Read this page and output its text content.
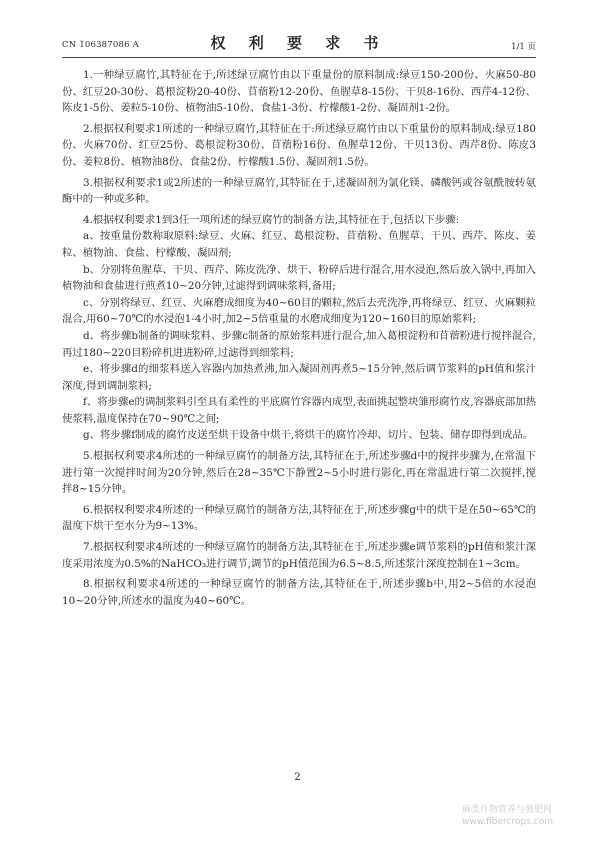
CN 106387086 A	权 利 要 求 书	1/1 页

1.一种绿豆腐竹,其特征在于,所述绿豆腐竹由以下重量份的原料制成:绿豆150-200份、火麻50-80份、红豆20-30份、葛根淀粉20-40份、苜蓿粉12-20份、鱼腥草8-15份、干贝8-16份、西芹4-12份、陈皮1-5份、姜粒5-10份、植物油5-10份、食盐1-3份、柠檬酸1-2份、凝固剂1-2份。

2.根据权利要求1所述的一种绿豆腐竹,其特征在于:所述绿豆腐竹由以下重量份的原料制成:绿豆180份、火麻70份、红豆25份、葛根淀粉30份、苜蓿粉16份、鱼腥草12份、干贝13份、西芹8份、陈皮3份、姜粒8份、植物油8份、食盐2份、柠檬酸1.5份、凝固剂1.5份。

3.根据权利要求1或2所述的一种绿豆腐竹,其特征在于,述凝固剂为氯化镁、磷酸钙或谷氨酰胺转氨酶中的一种或多种。

4.根据权利要求1到3任一项所述的绿豆腐竹的制备方法,其特征在于,包括以下步骤:

a、按重量份数称取原料:绿豆、火麻、红豆、葛根淀粉、苜蓿粉、鱼腥草、干贝、西芹、陈皮、姜粒、植物油、食盐、柠檬酸、凝固剂;

b、分别将鱼腥草、干贝、西芹、陈皮洗净、烘干、粉碎后进行混合,用水浸泡,然后放入锅中,再加入植物油和食盐进行煎煮10~20分钟,过滤得到调味浆料,备用;

c、分别将绿豆、红豆、火麻磨成细度为40~60目的颗粒,然后去壳洗净,再将绿豆、红豆、火麻颗粒混合,用60~70℃的水浸泡1-4小时,加2~5倍重量的水磨成细度为120~160目的原始浆料;

d、将步骤b制备的调味浆料、步骤c制备的原始浆料进行混合,加入葛根淀粉和苜蓿粉进行搅拌混合,再过180~220目粉碎机进进粉碎,过滤得到细浆料;

e、将步骤d的细浆料送入容器内加热煮沸,加入凝固剂再煮5~15分钟,然后调节浆料的pH值和浆汁深度,得到调制浆料;

f、将步骤e的调制浆料引至具有柔性的平底腐竹容器内成型,表面挑起整块雏形腐竹皮,容器底部加热使浆料,温度保持在70~90℃之间;

g、将步骤f制成的腐竹皮送至烘干设备中烘干,将烘干的腐竹冷却、切片、包装、储存即得到成品。

5.根据权利要求4所述的一种绿豆腐竹的制备方法,其特征在于,所述步骤d中的搅拌步骤为,在常温下进行第一次搅拌时间为20分钟,然后在28~35℃下静置2~5小时进行影化,再在常温进行第二次搅拌,搅拌8~15分钟。

6.根据权利要求4所述的一种绿豆腐竹的制备方法,其特征在于,所述步骤g中的烘干是在50~65℃的温度下烘干至水分为9~13%。

7.根据权利要求4所述的一种绿豆腐竹的制备方法,其特征在于,所述步骤e调节浆料的pH值和浆汁深度采用浓度为0.5%的NaHCO₃进行调节,调节的pH值范围为6.5~8.5,所述浆汁深度控制在1~3cm。

8.根据权利要求4所述的一种绿豆腐竹的制备方法,其特征在于,所述步骤b中,用2~5倍的水浸泡10~20分钟,所述水的温度为40~60℃。

2
麻类作物营养与施肥网
www.fibercrops.com
